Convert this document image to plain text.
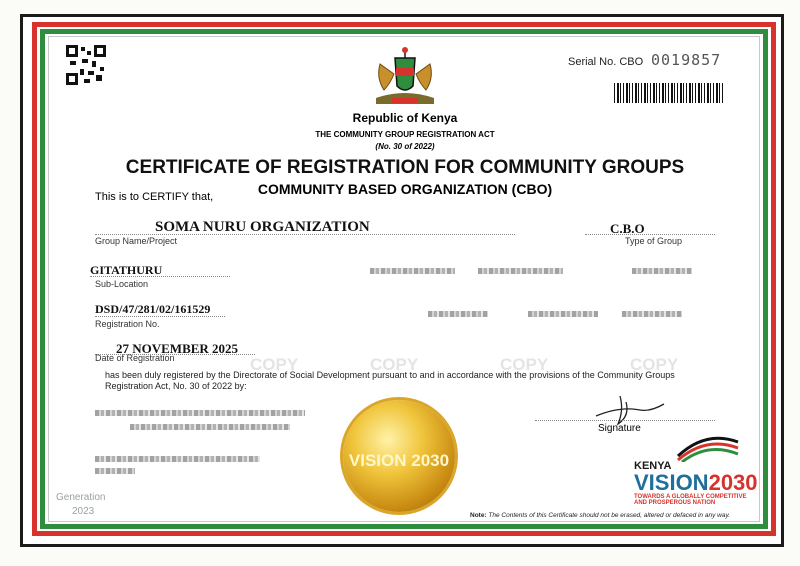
COPY	COPY	COPY	COPY
Serial No. CBO 0019857
Republic of Kenya
THE COMMUNITY GROUP REGISTRATION ACT
(No. 30 of 2022)
CERTIFICATE OF REGISTRATION FOR COMMUNITY GROUPS
COMMUNITY BASED ORGANIZATION (CBO)
This is to CERTIFY that,
SOMA NURU ORGANIZATION
Group Name/Project
C.B.O
Type of Group
GITATHURU
Sub-Location
DSD/47/281/02/161529
Registration No.
27 NOVEMBER 2025
Date of Registration
has been duly registered by the Directorate of Social Development pursuant to and in accordance with the provisions of the Community Groups Registration Act, No. 30 of 2022 by:
Signature
VISION 2030	KENYA
VISION2030
TOWARDS A GLOBALLY COMPETITIVE
AND PROSPEROUS NATION
Note: The Contents of this Certificate should not be erased, altered or defaced in any way.
Generation
2023
